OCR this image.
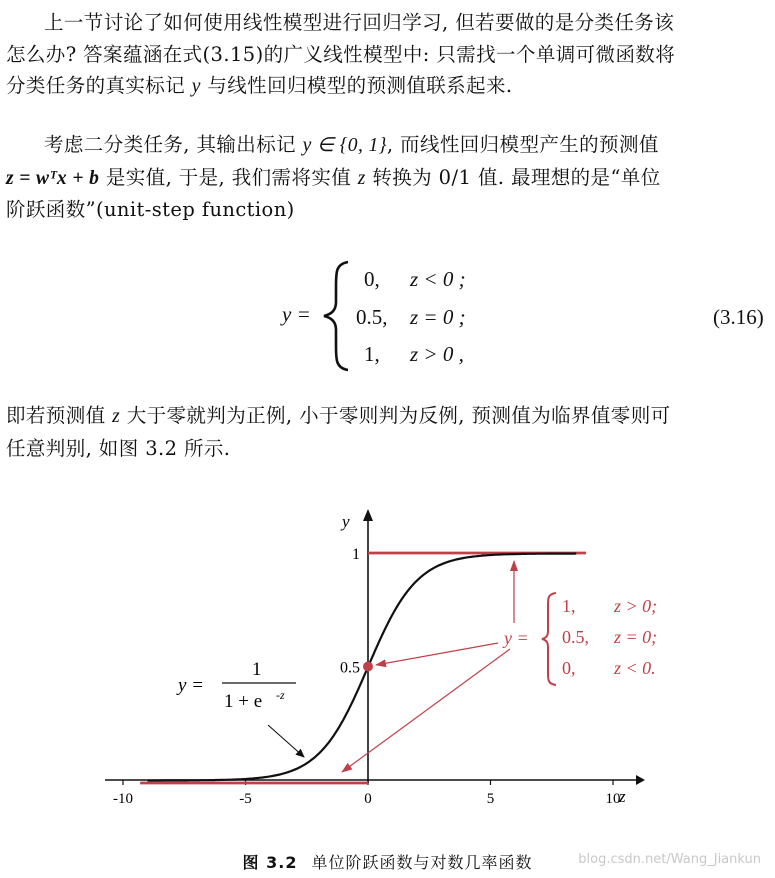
上一节讨论了如何使用线性模型进行回归学习, 但若要做的是分类任务该
怎么办? 答案蕴涵在式(3.15)的广义线性模型中: 只需找一个单调可微函数将
分类任务的真实标记 y 与线性回归模型的预测值联系起来.
考虑二分类任务, 其输出标记 y ∈ {0, 1}, 而线性回归模型产生的预测值
z = wᵀx + b 是实值, 于是, 我们需将实值 z 转换为 0/1 值. 最理想的是“单位
阶跃函数”(unit-step function)
y =
0, z < 0 ;
0.5, z = 0 ;
1, z > 0 ,
(3.16)
即若预测值 z 大于零就判为正例, 小于零则判为反例, 预测值为临界值零则可
任意判别, 如图 3.2 所示.
y
z
-10	-5	0	5	10
1
0.5
y =
1
1 + e -z
y =
1, z > 0;
0.5, z = 0;
0, z < 0.
图 3.2 单位阶跃函数与对数几率函数	blog.csdn.net/Wang_Jiankun
